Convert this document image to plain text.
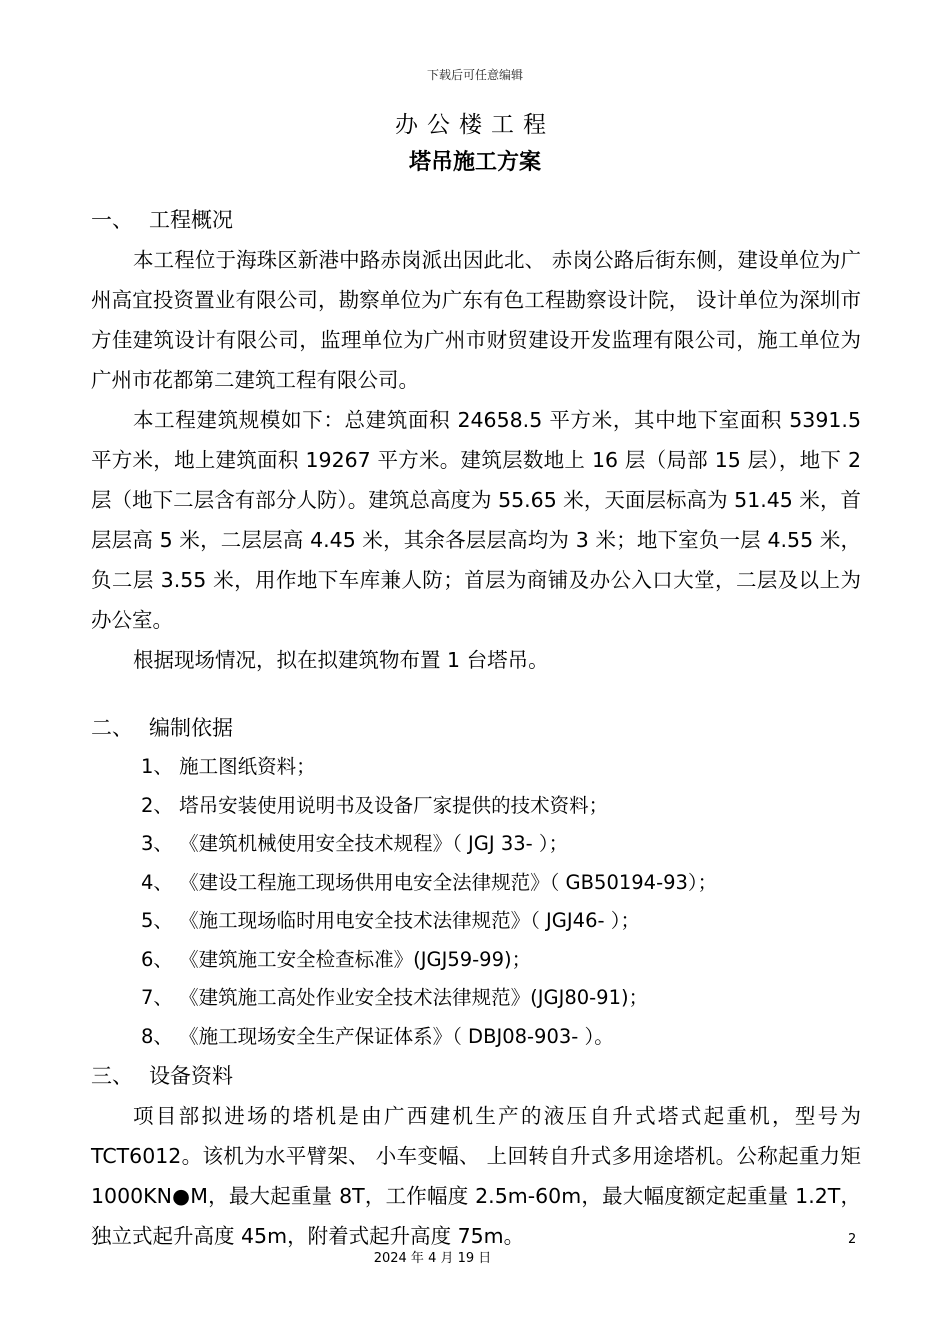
下载后可任意编辑
办公楼工程
塔吊施工方案
一、 工程概况

本工程位于海珠区新港中路赤岗派出因此北、 赤岗公路后街东侧，建设单位为广州高宜投资置业有限公司，勘察单位为广东有色工程勘察设计院， 设计单位为深圳市方佳建筑设计有限公司，监理单位为广州市财贸建设开发监理有限公司，施工单位为广州市花都第二建筑工程有限公司。

本工程建筑规模如下：总建筑面积 24658.5 平方米，其中地下室面积 5391.5 平方米，地上建筑面积 19267 平方米。建筑层数地上 16 层（局部 15 层），地下 2 层（地下二层含有部分人防）。建筑总高度为 55.65 米，天面层标高为 51.45 米，首层层高 5 米，二层层高 4.45 米，其余各层层高均为 3 米；地下室负一层 4.55 米，负二层 3.55 米，用作地下车库兼人防；首层为商铺及办公入口大堂，二层及以上为办公室。

根据现场情况，拟在拟建筑物布置 1 台塔吊。

二、 编制依据
1、 施工图纸资料；
2、 塔吊安装使用说明书及设备厂家提供的技术资料；
3、 《建筑机械使用安全技术规程》（ JGJ 33- ）；
4、 《建设工程施工现场供用电安全法律规范》（ GB50194-93）；
5、 《施工现场临时用电安全技术法律规范》（ JGJ46- ）；
6、 《建筑施工安全检查标准》(JGJ59-99)；
7、 《建筑施工高处作业安全技术法律规范》(JGJ80-91)；
8、 《施工现场安全生产保证体系》（ DBJ08-903- ）。
三、 设备资料

项目部拟进场的塔机是由广西建机生产的液压自升式塔式起重机，型号为 TCT6012。该机为水平臂架、 小车变幅、 上回转自升式多用途塔机。公称起重力矩 1000KN●M，最大起重量 8T，工作幅度 2.5m-60m，最大幅度额定起重量 1.2T，独立式起升高度 45m，附着式起升高度 75m。	2
2024 年 4 月 19 日
